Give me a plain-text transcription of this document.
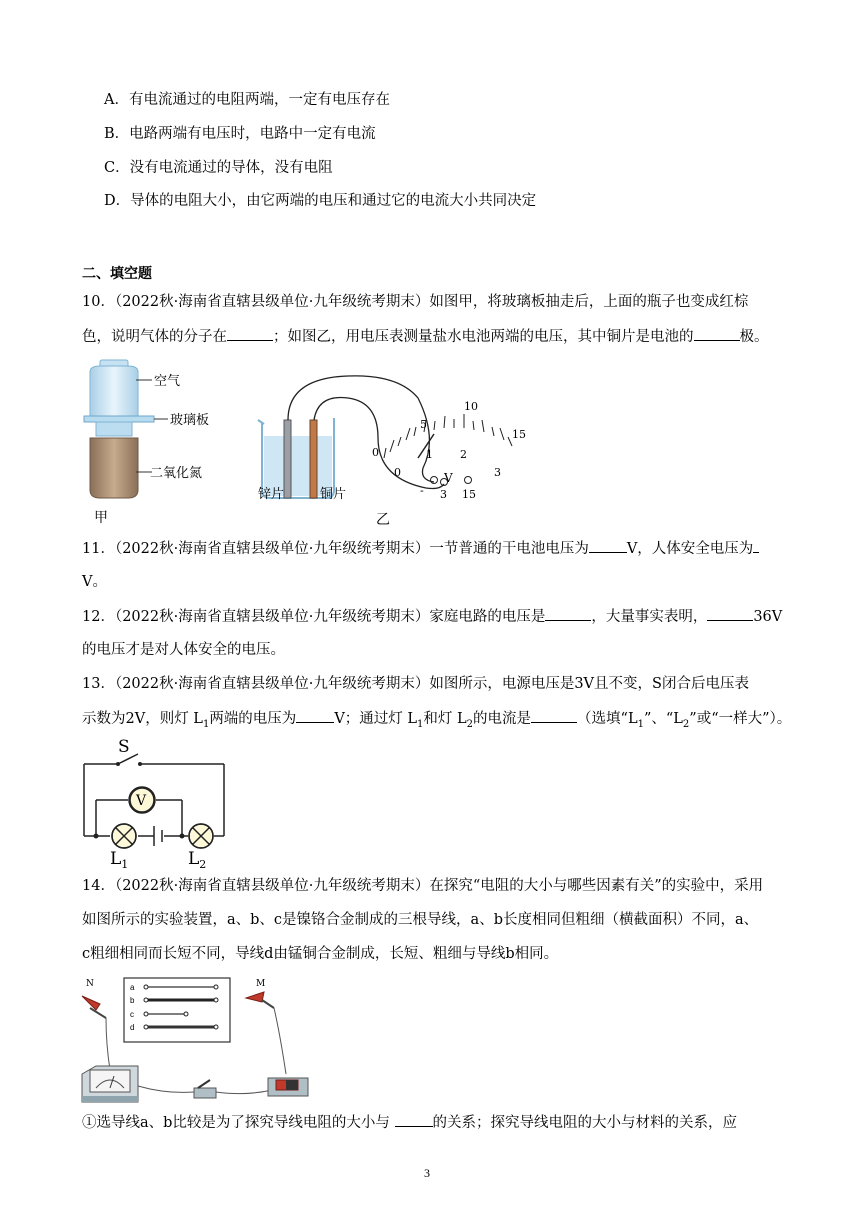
A．有电流通过的电阻两端，一定有电压存在
B．电路两端有电压时，电路中一定有电流
C．没有电流通过的导体，没有电阻
D．导体的电阻大小，由它两端的电压和通过它的电流大小共同决定
二、填空题
10．（2022秋·海南省直辖县级单位·九年级统考期末）如图甲，将玻璃板抽走后，上面的瓶子也变成红棕
色，说明气体的分子在	；如图乙，用电压表测量盐水电池两端的电压，其中铜片是电池的	极。
空气
玻璃板
二氧化氮
甲
0
5
10
15
0
1 2
3
V
- 3 15
锌片	铜片
乙
11．（2022秋·海南省直辖县级单位·九年级统考期末）一节普通的干电池电压为	V，人体安全电压为
V。
12．（2022秋·海南省直辖县级单位·九年级统考期末）家庭电路的电压是	，大量事实表明，	36V
的电压才是对人体安全的电压。
13．（2022秋·海南省直辖县级单位·九年级统考期末）如图所示，电源电压是3V且不变，S闭合后电压表
示数为2V，则灯 $L_1$两端的电压为	V；通过灯 $L_1$和灯 $L_2$的电流是	（选填“$L_1$”、“$L_2$”或“一样大”）。
V
S
$L_1$	$L_2$
14．（2022秋·海南省直辖县级单位·九年级统考期末）在探究“电阻的大小与哪些因素有关”的实验中，采用
如图所示的实验装置，a、b、c是镍铬合金制成的三根导线，a、b长度相同但粗细（横截面积）不同，a、
c粗细相同而长短不同，导线d由锰铜合金制成，长短、粗细与导线b相同。
a
b
c
d
N	M
①选导线a、b比较是为了探究导线电阻的大小与	的关系；探究导线电阻的大小与材料的关系，应
3
